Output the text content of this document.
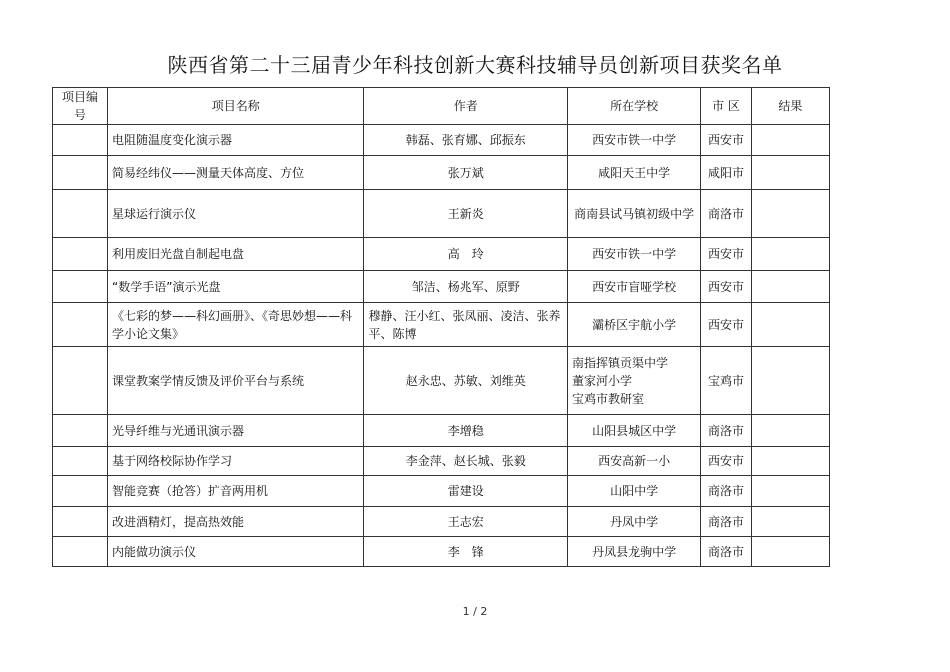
陕西省第二十三届青少年科技创新大赛科技辅导员创新项目获奖名单
项目编号	项目名称	作者	所在学校	市 区	结果
	电阻随温度变化演示器	韩磊、张育娜、邱振东	西安市铁一中学	西安市	
	简易经纬仪——测量天体高度、方位	张万斌	咸阳天王中学	咸阳市	
	星球运行演示仪	王新炎	商南县试马镇初级中学	商洛市	
	利用废旧光盘自制起电盘	高　玲	西安市铁一中学	西安市	
	“数学手语”演示光盘	邹洁、杨兆军、原野	西安市盲哑学校	西安市	
	《七彩的梦——科幻画册》、《奇思妙想——科学小论文集》	穆静、汪小红、张凤丽、凌洁、张养平、陈博	灞桥区宇航小学	西安市	
	课堂教案学情反馈及评价平台与系统	赵永忠、苏敏、刘维英	南指挥镇贡渠中学
董家河小学
宝鸡市教研室	宝鸡市	
	光导纤维与光通讯演示器	李增稳	山阳县城区中学	商洛市	
	基于网络校际协作学习	李金萍、赵长城、张毅	西安高新一小	西安市	
	智能竞赛（抢答）扩音两用机	雷建设	山阳中学	商洛市	
	改进酒精灯，提高热效能	王志宏	丹凤中学	商洛市	
	内能做功演示仪	李　锋	丹凤县龙驹中学	商洛市	
1 / 2
